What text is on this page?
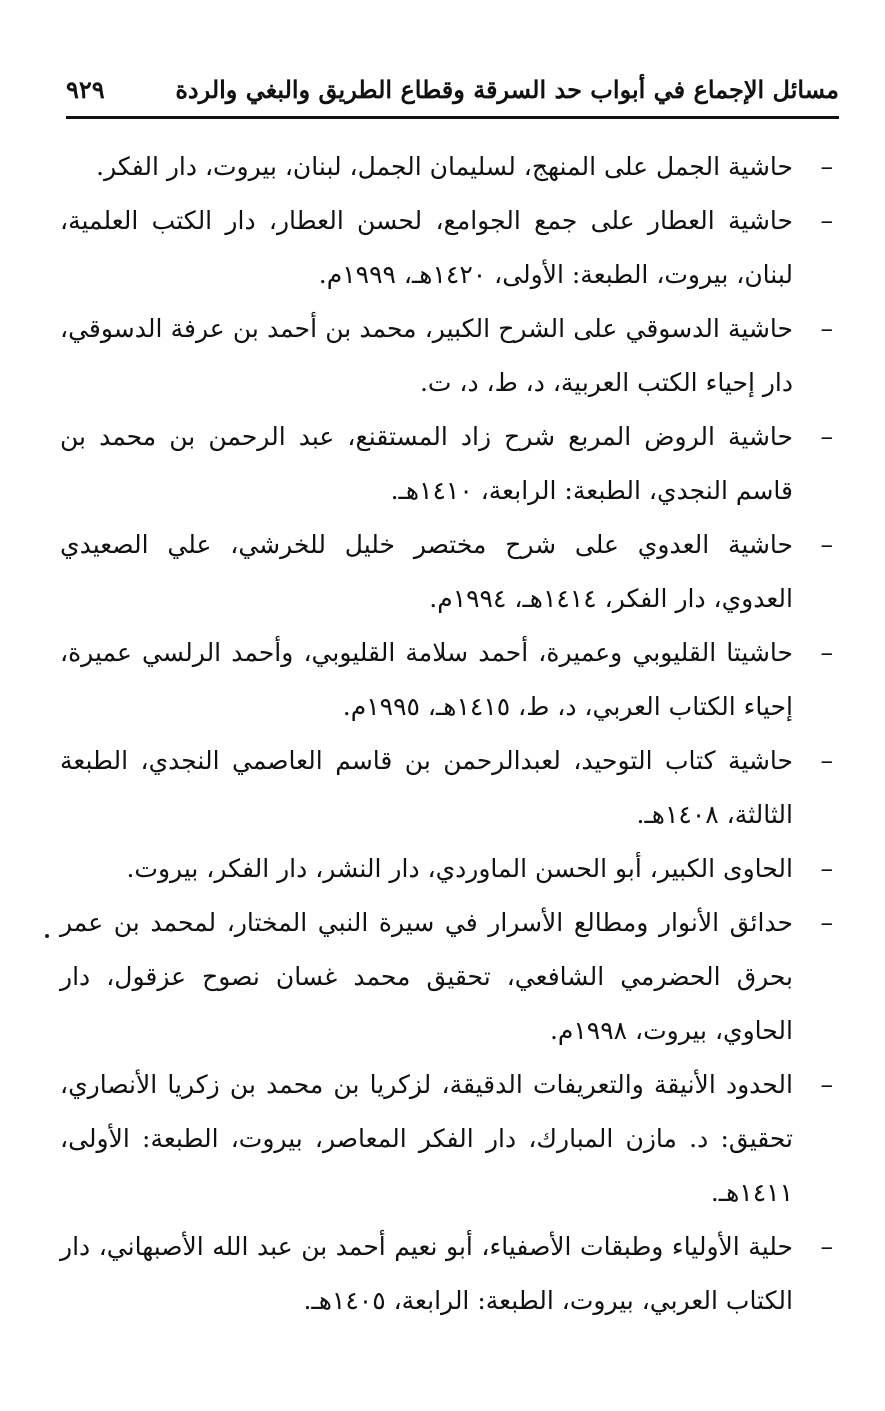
مسائل الإجماع في أبواب حد السرقة وقطاع الطريق والبغي والردة
٩٢٩
–
حاشية الجمل على المنهج، لسليمان الجمل، لبنان، بيروت، دار الفكر.
–
حاشية العطار على جمع الجوامع، لحسن العطار، دار الكتب العلمية، لبنان، بيروت، الطبعة: الأولى، ١٤٢٠هـ، ١٩٩٩م.
–
حاشية الدسوقي على الشرح الكبير، محمد بن أحمد بن عرفة الدسوقي، دار إحياء الكتب العربية، د، ط، د، ت.
–
حاشية الروض المربع شرح زاد المستقنع، عبد الرحمن بن محمد بن قاسم النجدي، الطبعة: الرابعة، ١٤١٠هـ.
–
حاشية العدوي على شرح مختصر خليل للخرشي، علي الصعيدي العدوي، دار الفكر، ١٤١٤هـ، ١٩٩٤م.
–
حاشيتا القليوبي وعميرة، أحمد سلامة القليوبي، وأحمد الرلسي عميرة، إحياء الكتاب العربي، د، ط، ١٤١٥هـ، ١٩٩٥م.
–
حاشية كتاب التوحيد، لعبدالرحمن بن قاسم العاصمي النجدي، الطبعة الثالثة، ١٤٠٨هـ.
–
الحاوى الكبير، أبو الحسن الماوردي، دار النشر، دار الفكر، بيروت.
–
حدائق الأنوار ومطالع الأسرار في سيرة النبي المختار، لمحمد بن عمر بحرق الحضرمي الشافعي، تحقيق محمد غسان نصوح عزقول، دار الحاوي، بيروت، ١٩٩٨م.
–
الحدود الأنيقة والتعريفات الدقيقة، لزكريا بن محمد بن زكريا الأنصاري، تحقيق: د. مازن المبارك، دار الفكر المعاصر، بيروت، الطبعة: الأولى، ١٤١١هـ.
–
حلية الأولياء وطبقات الأصفياء، أبو نعيم أحمد بن عبد الله الأصبهاني، دار الكتاب العربي، بيروت، الطبعة: الرابعة، ١٤٠٥هـ.
